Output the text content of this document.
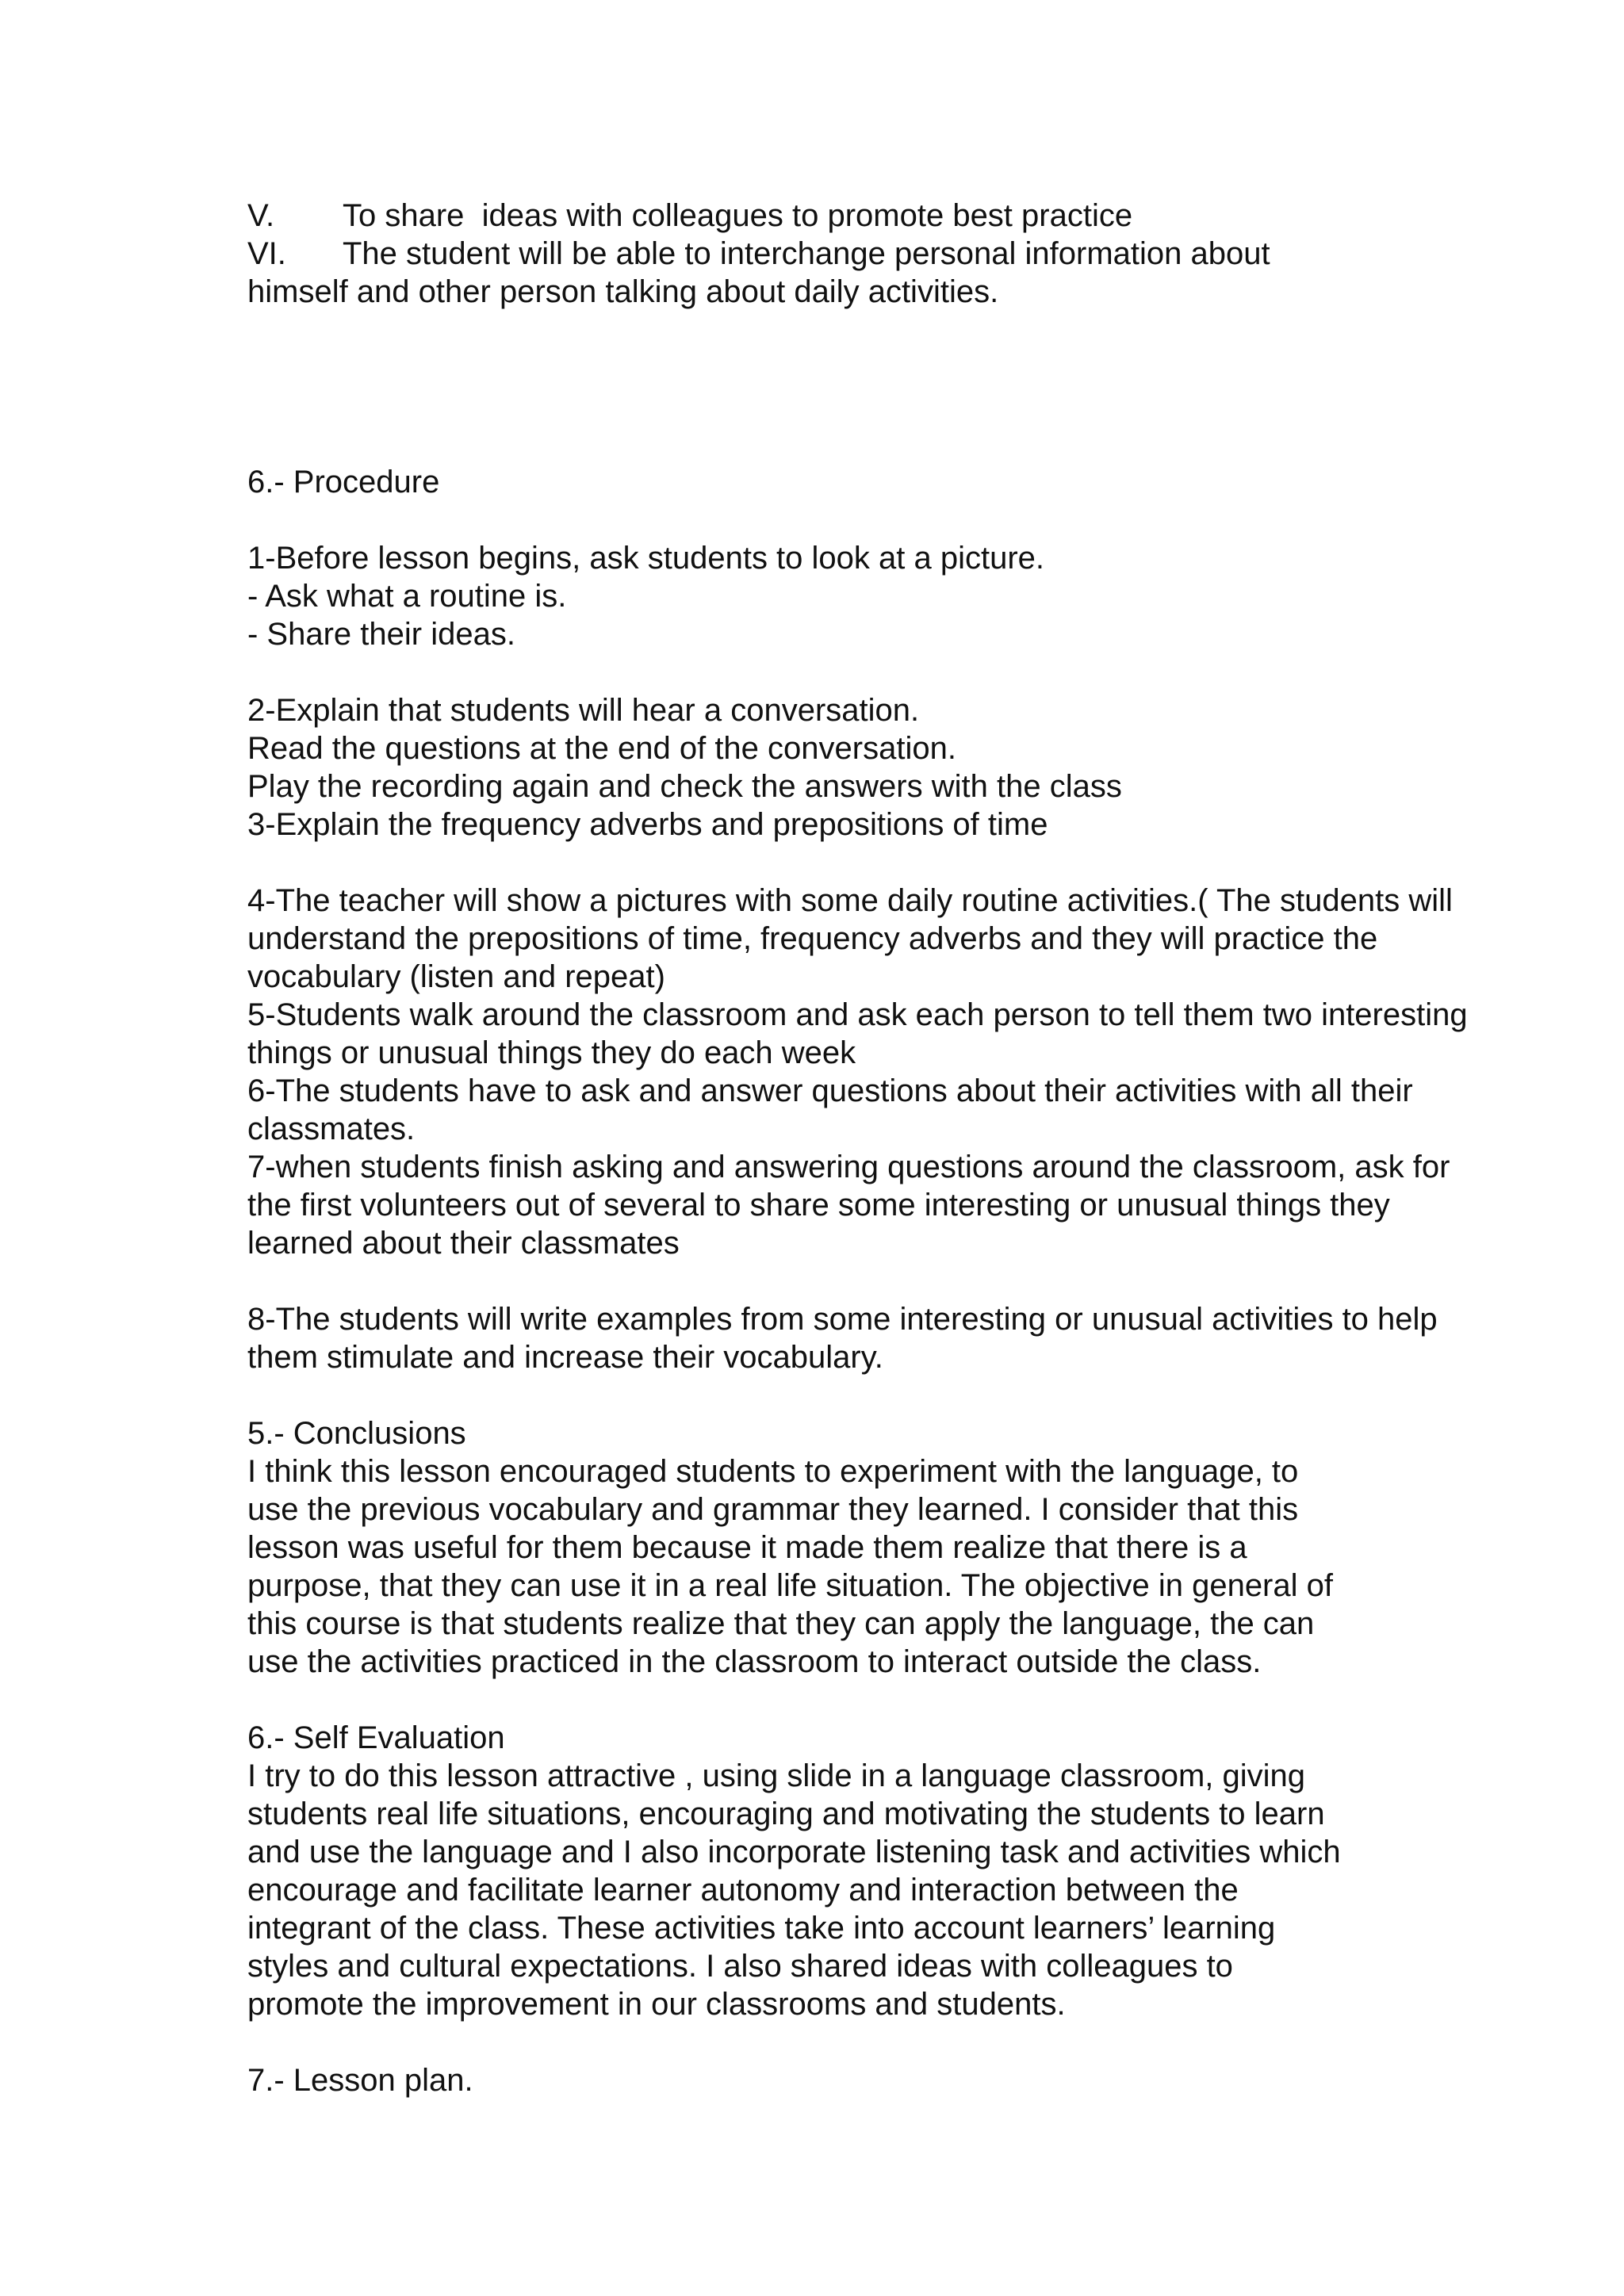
V. To share  ideas with colleagues to promote best practice
VI. The student will be able to interchange personal information about
himself and other person talking about daily activities.
6.- Procedure
1-Before lesson begins, ask students to look at a picture.
- Ask what a routine is.
- Share their ideas.
2-Explain that students will hear a conversation.
Read the questions at the end of the conversation.
Play the recording again and check the answers with the class
3-Explain the frequency adverbs and prepositions of time
4-The teacher will show a pictures with some daily routine activities.( The students will
understand the prepositions of time, frequency adverbs and they will practice the
vocabulary (listen and repeat)
5-Students walk around the classroom and ask each person to tell them two interesting
things or unusual things they do each week
6-The students have to ask and answer questions about their activities with all their
classmates.
7-when students finish asking and answering questions around the classroom, ask for
the first volunteers out of several to share some interesting or unusual things they
learned about their classmates
8-The students will write examples from some interesting or unusual activities to help
them stimulate and increase their vocabulary.
5.- Conclusions
I think this lesson encouraged students to experiment with the language, to
use the previous vocabulary and grammar they learned. I consider that this
lesson was useful for them because it made them realize that there is a
purpose, that they can use it in a real life situation. The objective in general of
this course is that students realize that they can apply the language, the can
use the activities practiced in the classroom to interact outside the class.
6.- Self Evaluation
I try to do this lesson attractive , using slide in a language classroom, giving
students real life situations, encouraging and motivating the students to learn
and use the language and I also incorporate listening task and activities which
encourage and facilitate learner autonomy and interaction between the
integrant of the class. These activities take into account learners’ learning
styles and cultural expectations. I also shared ideas with colleagues to
promote the improvement in our classrooms and students.
7.- Lesson plan.
